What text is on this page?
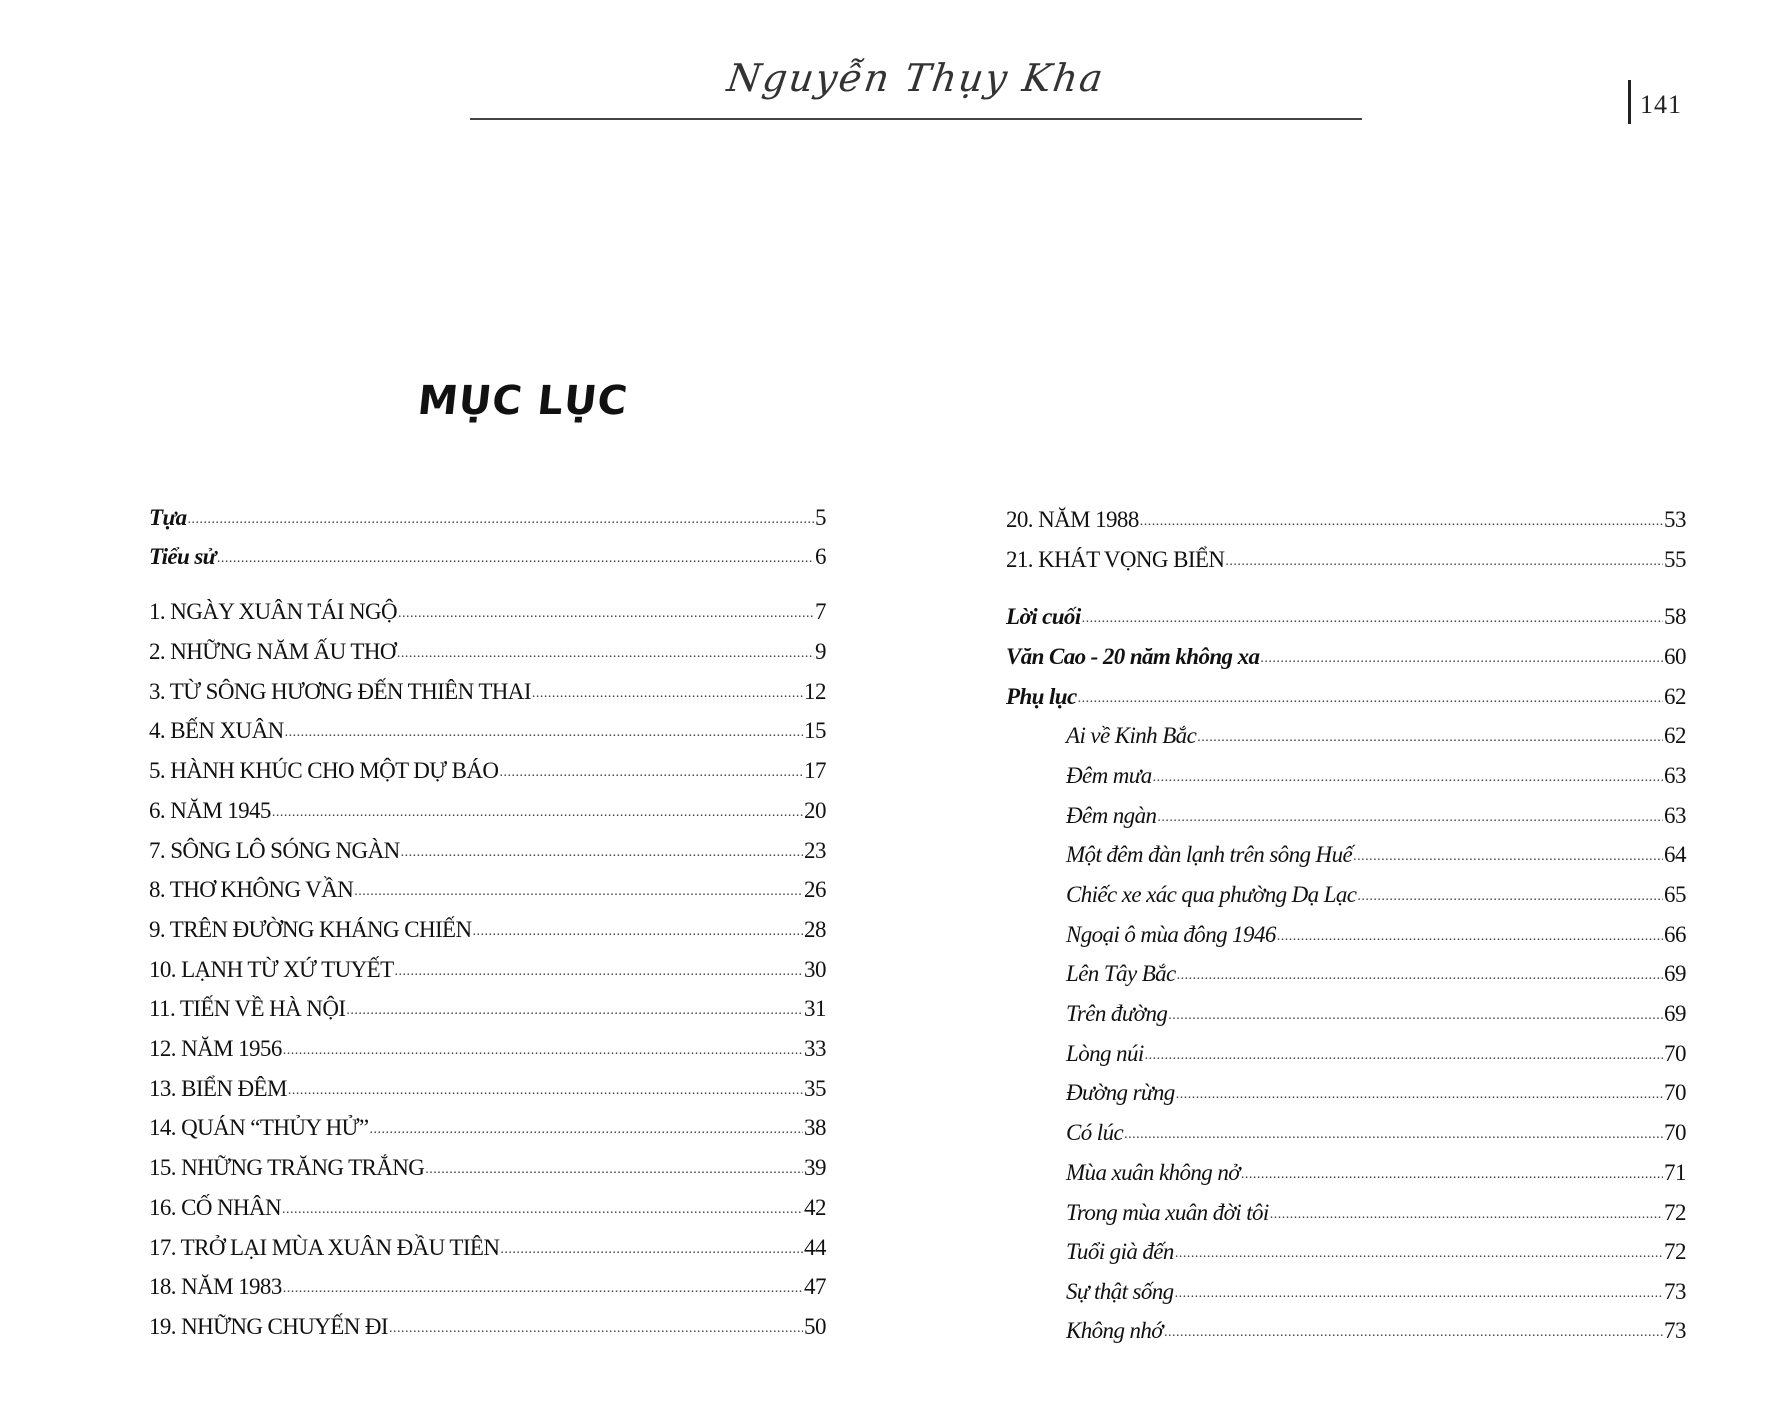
Nguyễn Thụy Kha
141
MỤC LỤC
Tựa .....	5
Tiểu sử .....	6
1. NGÀY XUÂN TÁI NGỘ .....	7
2. NHỮNG NĂM ẤU THƠ .....	9
3. TỪ SÔNG HƯƠNG ĐẾN THIÊN THAI .....	12
4. BẾN XUÂN .....	15
5. HÀNH KHÚC CHO MỘT DỰ BÁO .....	17
6. NĂM 1945 .....	20
7. SÔNG LÔ SÓNG NGÀN .....	23
8. THƠ KHÔNG VẦN .....	26
9. TRÊN ĐƯỜNG KHÁNG CHIẾN .....	28
10. LẠNH TỪ XỨ TUYẾT .....	30
11. TIẾN VỀ HÀ NỘI .....	31
12. NĂM 1956 .....	33
13. BIỂN ĐÊM .....	35
14. QUÁN “THỦY HỬ” .....	38
15. NHỮNG TRĂNG TRẮNG .....	39
16. CỐ NHÂN .....	42
17. TRỞ LẠI MÙA XUÂN ĐẦU TIÊN .....	44
18. NĂM 1983 .....	47
19. NHỮNG CHUYẾN ĐI .....	50
20. NĂM 1988 .....	53
21. KHÁT VỌNG BIỂN .....	55
Lời cuối .....	58
Văn Cao - 20 năm không xa .....	60
Phụ lục .....	62
Ai về Kinh Bắc .....	62
Đêm mưa .....	63
Đêm ngàn .....	63
Một đêm đàn lạnh trên sông Huế .....	64
Chiếc xe xác qua phường Dạ Lạc .....	65
Ngoại ô mùa đông 1946 .....	66
Lên Tây Bắc .....	69
Trên đường .....	69
Lòng núi .....	70
Đường rừng .....	70
Có lúc .....	70
Mùa xuân không nở .....	71
Trong mùa xuân đời tôi .....	72
Tuổi già đến .....	72
Sự thật sống .....	73
Không nhớ .....	73
